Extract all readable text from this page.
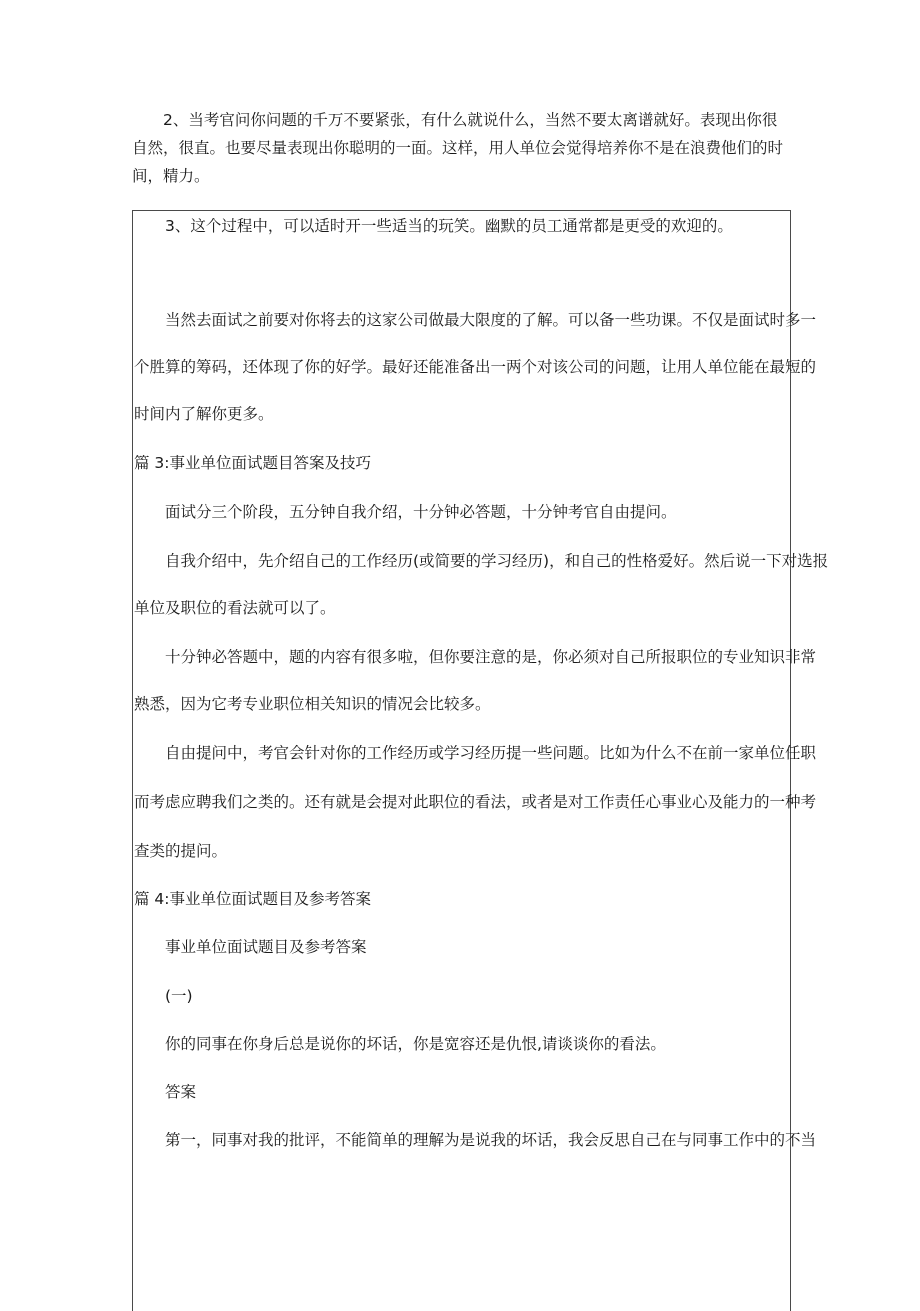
2、当考官问你问题的千万不要紧张，有什么就说什么，当然不要太离谱就好。表现出你很自然，很直。也要尽量表现出你聪明的一面。这样，用人单位会觉得培养你不是在浪费他们的时间，精力。

3、这个过程中，可以适时开一些适当的玩笑。幽默的员工通常都是更受的欢迎的。

当然去面试之前要对你将去的这家公司做最大限度的了解。可以备一些功课。不仅是面试时多一

个胜算的筹码，还体现了你的好学。最好还能准备出一两个对该公司的问题，让用人单位能在最短的

时间内了解你更多。

篇 3:事业单位面试题目答案及技巧

面试分三个阶段，五分钟自我介绍，十分钟必答题，十分钟考官自由提问。

自我介绍中，先介绍自己的工作经历(或简要的学习经历)，和自己的性格爱好。然后说一下对选报

单位及职位的看法就可以了。

十分钟必答题中，题的内容有很多啦，但你要注意的是，你必须对自己所报职位的专业知识非常

熟悉，因为它考专业职位相关知识的情况会比较多。

自由提问中，考官会针对你的工作经历或学习经历提一些问题。比如为什么不在前一家单位任职

而考虑应聘我们之类的。还有就是会提对此职位的看法，或者是对工作责任心事业心及能力的一种考

查类的提问。

篇 4:事业单位面试题目及参考答案

事业单位面试题目及参考答案

(一)

你的同事在你身后总是说你的坏话，你是宽容还是仇恨,请谈谈你的看法。

答案

第一，同事对我的批评，不能简单的理解为是说我的坏话，我会反思自己在与同事工作中的不当
